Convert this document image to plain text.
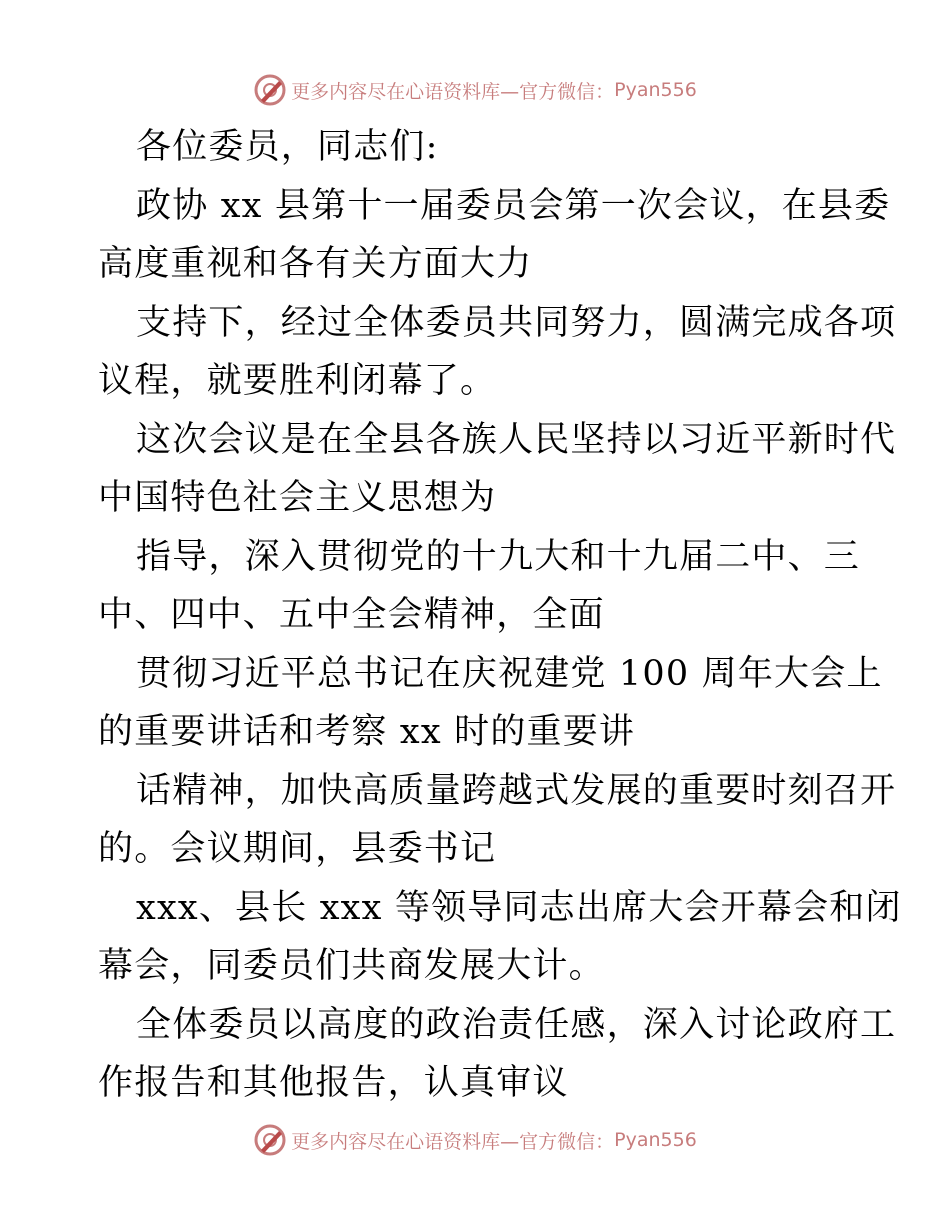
更多内容尽在心语资料库—官方微信： Pyan556
各位委员，同志们:
政协 xx 县第十一届委员会第一次会议，在县委
高度重视和各有关方面大力
支持下，经过全体委员共同努力，圆满完成各项
议程，就要胜利闭幕了。
这次会议是在全县各族人民坚持以习近平新时代
中国特色社会主义思想为
指导，深入贯彻党的十九大和十九届二中、三
中、四中、五中全会精神，全面
贯彻习近平总书记在庆祝建党 100 周年大会上
的重要讲话和考察 xx 时的重要讲
话精神，加快高质量跨越式发展的重要时刻召开
的。会议期间，县委书记
xxx、县长 xxx 等领导同志出席大会开幕会和闭
幕会，同委员们共商发展大计。
全体委员以高度的政治责任感，深入讨论政府工
作报告和其他报告，认真审议
更多内容尽在心语资料库—官方微信： Pyan556
